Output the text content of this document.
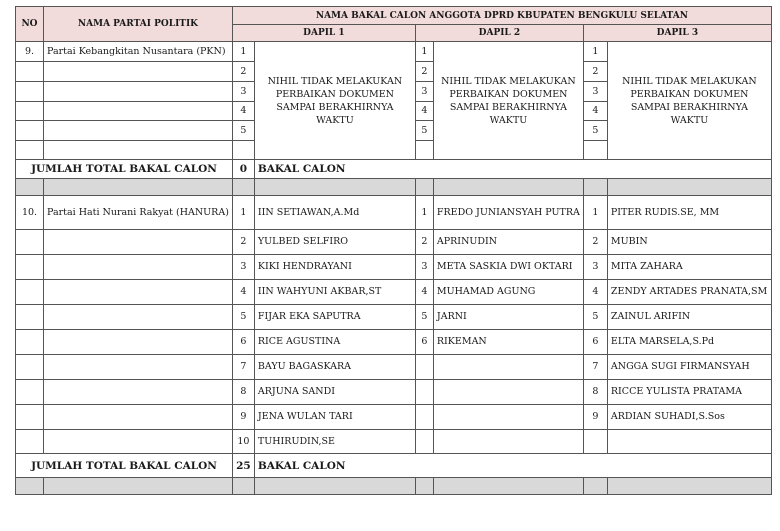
NO	NAMA PARTAI POLITIK	NAMA BAKAL CALON ANGGOTA DPRD KBUPATEN BENGKULU SELATAN					
		DAPIL 1		DAPIL 2		DAPIL 3	
9.	Partai Kebangkitan Nusantara (PKN)	1	NIHIL TIDAK MELAKUKAN PERBAIKAN DOKUMEN SAMPAI BERAKHIRNYA WAKTU	1	NIHIL TIDAK MELAKUKAN PERBAIKAN DOKUMEN SAMPAI BERAKHIRNYA WAKTU	1	NIHIL TIDAK MELAKUKAN PERBAIKAN DOKUMEN SAMPAI BERAKHIRNYA WAKTU
		2		2		2	
		3		3		3	
		4		4		4	
		5		5		5	

JUMLAH TOTAL BAKAL CALON		0	BAKAL CALON				

10.	Partai Hati Nurani Rakyat (HANURA)	1	IIN SETIAWAN,A.Md	1	FREDO JUNIANSYAH PUTRA	1	PITER RUDIS.SE, MM
		2	YULBED SELFIRO	2	APRINUDIN	2	MUBIN
		3	KIKI HENDRAYANI	3	META SASKIA DWI OKTARI	3	MITA ZAHARA
		4	IIN WAHYUNI AKBAR,ST	4	MUHAMAD AGUNG	4	ZENDY ARTADES PRANATA,SM
		5	FIJAR EKA SAPUTRA	5	JARNI	5	ZAINUL ARIFIN
		6	RICE AGUSTINA	6	RIKEMAN	6	ELTA MARSELA,S.Pd
		7	BAYU BAGASKARA			7	ANGGA SUGI FIRMANSYAH
		8	ARJUNA SANDI			8	RICCE YULISTA PRATAMA
		9	JENA WULAN TARI			9	ARDIAN SUHADI,S.Sos
		10	TUHIRUDIN,SE				
JUMLAH TOTAL BAKAL CALON		25	BAKAL CALON				
